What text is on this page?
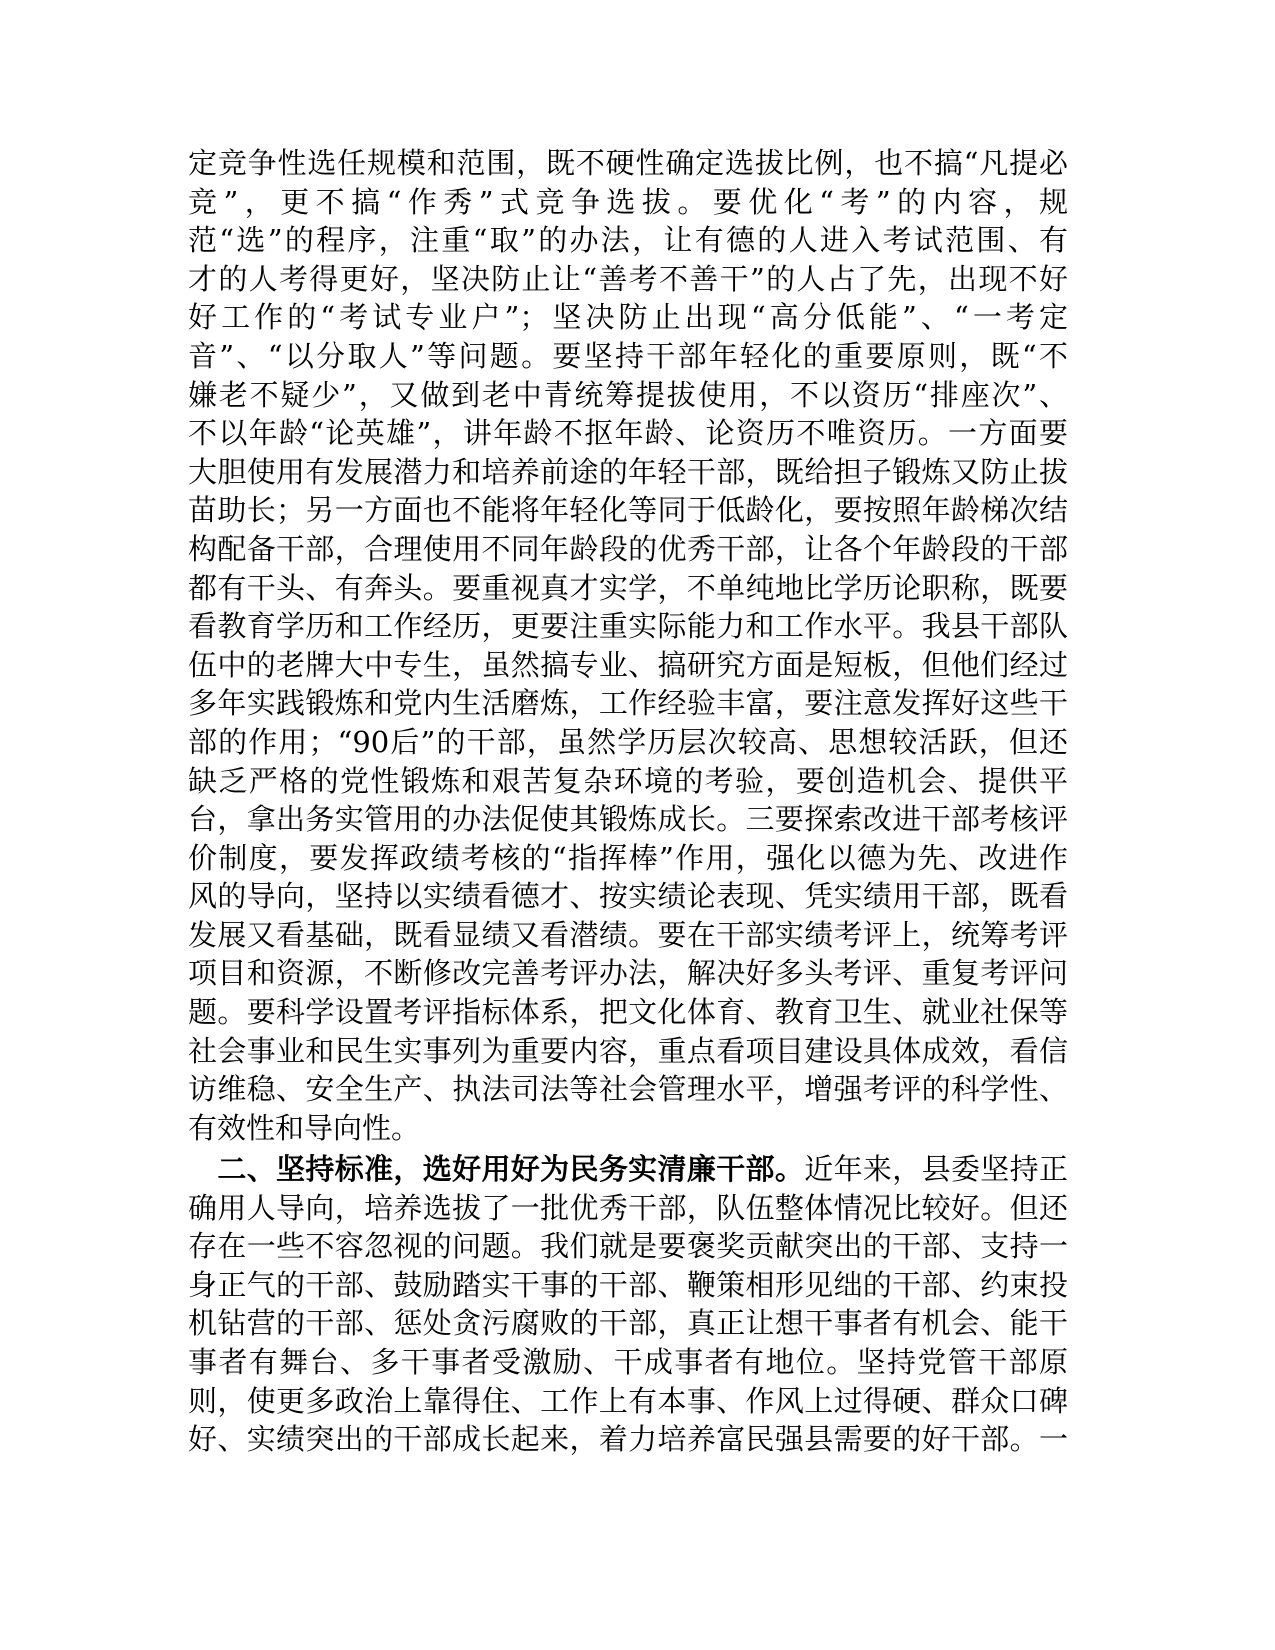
定竞争性选任规模和范围，既不硬性确定选拔比例，也不搞“凡提必
竞”，更不搞“作秀”式竞争选拔。要优化“考”的内容，规
范“选”的程序，注重“取”的办法，让有德的人进入考试范围、有
才的人考得更好，坚决防止让“善考不善干”的人占了先，出现不好
好工作的“考试专业户”；坚决防止出现“高分低能”、“一考定
音”、“以分取人”等问题。要坚持干部年轻化的重要原则，既“不
嫌老不疑少”，又做到老中青统筹提拔使用，不以资历“排座次”、
不以年龄“论英雄”，讲年龄不抠年龄、论资历不唯资历。一方面要
大胆使用有发展潜力和培养前途的年轻干部，既给担子锻炼又防止拔
苗助长；另一方面也不能将年轻化等同于低龄化，要按照年龄梯次结
构配备干部，合理使用不同年龄段的优秀干部，让各个年龄段的干部
都有干头、有奔头。要重视真才实学，不单纯地比学历论职称，既要
看教育学历和工作经历，更要注重实际能力和工作水平。我县干部队
伍中的老牌大中专生，虽然搞专业、搞研究方面是短板，但他们经过
多年实践锻炼和党内生活磨炼，工作经验丰富，要注意发挥好这些干
部的作用；“90后”的干部，虽然学历层次较高、思想较活跃，但还
缺乏严格的党性锻炼和艰苦复杂环境的考验，要创造机会、提供平
台，拿出务实管用的办法促使其锻炼成长。三要探索改进干部考核评
价制度，要发挥政绩考核的“指挥棒”作用，强化以德为先、改进作
风的导向，坚持以实绩看德才、按实绩论表现、凭实绩用干部，既看
发展又看基础，既看显绩又看潜绩。要在干部实绩考评上，统筹考评
项目和资源，不断修改完善考评办法，解决好多头考评、重复考评问
题。要科学设置考评指标体系，把文化体育、教育卫生、就业社保等
社会事业和民生实事列为重要内容，重点看项目建设具体成效，看信
访维稳、安全生产、执法司法等社会管理水平，增强考评的科学性、
有效性和导向性。
二、坚持标准，选好用好为民务实清廉干部。近年来，县委坚持正
确用人导向，培养选拔了一批优秀干部，队伍整体情况比较好。但还
存在一些不容忽视的问题。我们就是要褒奖贡献突出的干部、支持一
身正气的干部、鼓励踏实干事的干部、鞭策相形见绌的干部、约束投
机钻营的干部、惩处贪污腐败的干部，真正让想干事者有机会、能干
事者有舞台、多干事者受激励、干成事者有地位。坚持党管干部原
则，使更多政治上靠得住、工作上有本事、作风上过得硬、群众口碑
好、实绩突出的干部成长起来，着力培养富民强县需要的好干部。一
